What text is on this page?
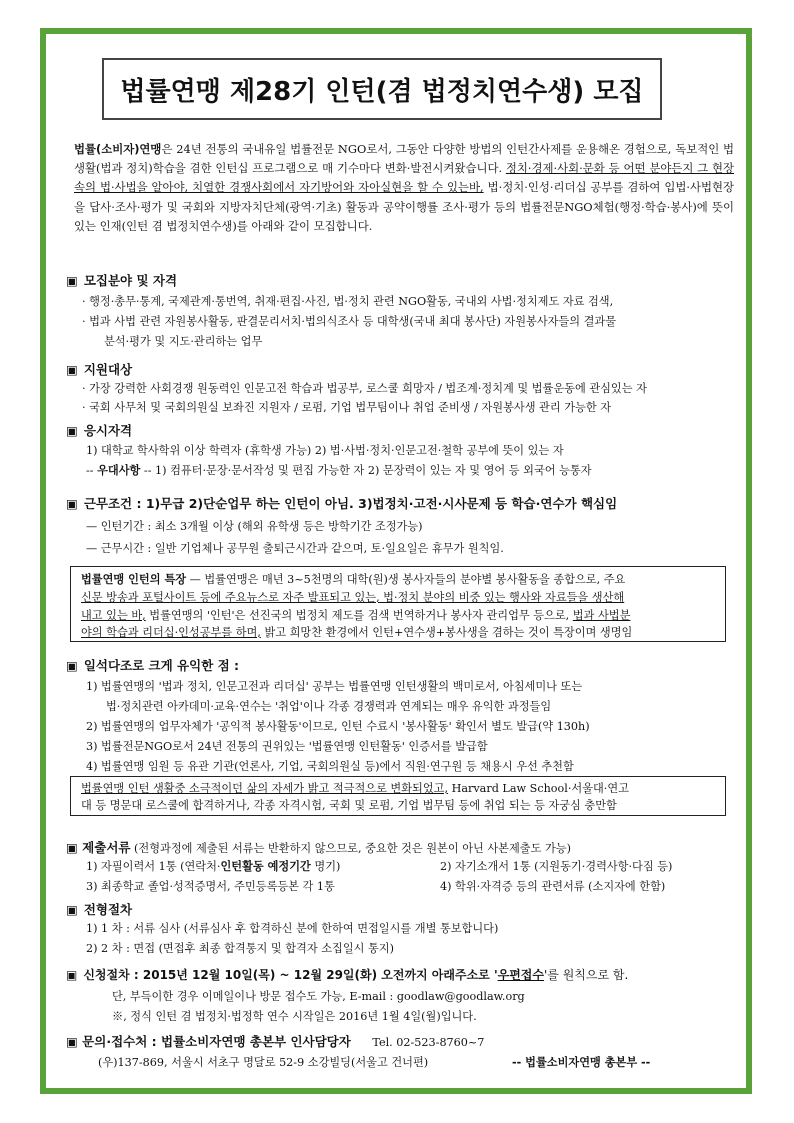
법률연맹 제28기 인턴(겸 법정치연수생) 모집
법률(소비자)연맹은 24년 전통의 국내유일 법률전문 NGO로서, 그동안 다양한 방법의 인턴간사제를 운용해온 경험으로, 독보적인 법생활(법과 정치)학습을 겸한 인턴십 프로그램으로 매 기수마다 변화·발전시켜왔습니다. 정치·경제·사회·문화 등 어떤 분야든지 그 현장속의 법·사법을 알아야, 치열한 경쟁사회에서 자기방어와 자아실현을 할 수 있는바, 법·정치·인성·리더십 공부를 겸하여 입법·사법현장을 답사·조사·평가 및 국회와 지방자치단체(광역·기초) 활동과 공약이행률 조사·평가 등의 법률전문NGO체험(행정·학습·봉사)에 뜻이 있는 인재(인턴 겸 법정치연수생)를 아래와 같이 모집합니다.
▣ 모집분야 및 자격
· 행정·총무·통계, 국제관계·통번역, 취재·편집·사진, 법·정치 관련 NGO활동, 국내외 사법·정치제도 자료 검색,
· 법과 사법 관련 자원봉사활동, 판결문리서치·법의식조사 등 대학생(국내 최대 봉사단) 자원봉사자들의 결과물
분석·평가 및 지도·관리하는 업무
▣ 지원대상
· 가장 강력한 사회경쟁 원동력인 인문고전 학습과 법공부, 로스쿨 희망자 / 법조계·정치계 및 법률운동에 관심있는 자
· 국회 사무처 및 국회의원실 보좌진 지원자 / 로펌, 기업 법무팀이나 취업 준비생 / 자원봉사생 관리 가능한 자
▣ 응시자격
1) 대학교 학사학위 이상 학력자 (휴학생 가능) 2) 법·사법·정치·인문고전·철학 공부에 뜻이 있는 자
-- 우대사항 -- 1) 컴퓨터·문장·문서작성 및 편집 가능한 자 2) 문장력이 있는 자 및 영어 등 외국어 능통자
▣ 근무조건 : 1)무급 2)단순업무 하는 인턴이 아님. 3)법정치·고전·시사문제 등 학습·연수가 핵심임
— 인턴기간 : 최소 3개월 이상 (해외 유학생 등은 방학기간 조정가능)
— 근무시간 : 일반 기업체나 공무원 출퇴근시간과 같으며, 토·일요일은 휴무가 원칙임.
법률연맹 인턴의 특장 — 법률연맹은 매년 3~5천명의 대학(원)생 봉사자들의 분야별 봉사활동을 종합으로, 주요
신문 방송과 포털사이트 등에 주요뉴스로 자주 발표되고 있는, 법·정치 분야의 비중 있는 행사와 자료들을 생산해
내고 있는 바, 법률연맹의 '인턴'은 선진국의 법정치 제도를 검색 번역하거나 봉사자 관리업무 등으로, 법과 사법분
야의 학습과 리더십·인성공부를 하며, 밝고 희망찬 환경에서 인턴+연수생+봉사생을 겸하는 것이 특장이며 생명임
▣ 일석다조로 크게 유익한 점 :
1) 법률연맹의 '법과 정치, 인문고전과 리더십' 공부는 법률연맹 인턴생활의 백미로서, 아침세미나 또는
법·정치관련 아카데미·교육·연수는 '취업'이나 각종 경쟁력과 연계되는 매우 유익한 과정들임
2) 법률연맹의 업무자체가 '공익적 봉사활동'이므로, 인턴 수료시 '봉사활동' 확인서 별도 발급(약 130h)
3) 법률전문NGO로서 24년 전통의 권위있는 '법률연맹 인턴활동' 인증서를 발급함
4) 법률연맹 임원 등 유관 기관(언론사, 기업, 국회의원실 등)에서 직원·연구원 등 채용시 우선 추천함
법률연맹 인턴 생활중 소극적이던 삶의 자세가 밝고 적극적으로 변화되었고, Harvard Law School·서울대·연고
대 등 명문대 로스쿨에 합격하거나, 각종 자격시험, 국회 및 로펌, 기업 법무팀 등에 취업 되는 등 자궁심 충만함
▣ 제출서류 (전형과정에 제출된 서류는 반환하지 않으므로, 중요한 것은 원본이 아닌 사본제출도 가능)
1) 자필이력서 1통 (연락처·인턴활동 예정기간 명기)	2) 자기소개서 1통 (지원동기·경력사항·다짐 등)
3) 최종학교 졸업·성적증명서, 주민등록등본 각 1통	4) 학위·자격증 등의 관련서류 (소지자에 한함)
▣ 전형절차
1) 1 차 : 서류 심사 (서류심사 후 합격하신 분에 한하여 면접일시를 개별 통보합니다)
2) 2 차 : 면접 (면접후 최종 합격통지 및 합격자 소집일시 통지)
▣ 신청절차 : 2015년 12월 10일(목) ~ 12월 29일(화) 오전까지 아래주소로 '우편접수'를 원칙으로 함.
단, 부득이한 경우 이메일이나 방문 접수도 가능, E-mail : goodlaw@goodlaw.org
※, 정식 인턴 겸 법정치·법정학 연수 시작일은 2016년 1월 4일(월)입니다.
▣ 문의·접수처 : 법률소비자연맹 총본부 인사담당자 Tel. 02-523-8760~7
(우)137-869, 서울시 서초구 명달로 52-9 소강빌딩(서울고 건너편)	-- 법률소비자연맹 총본부 --
